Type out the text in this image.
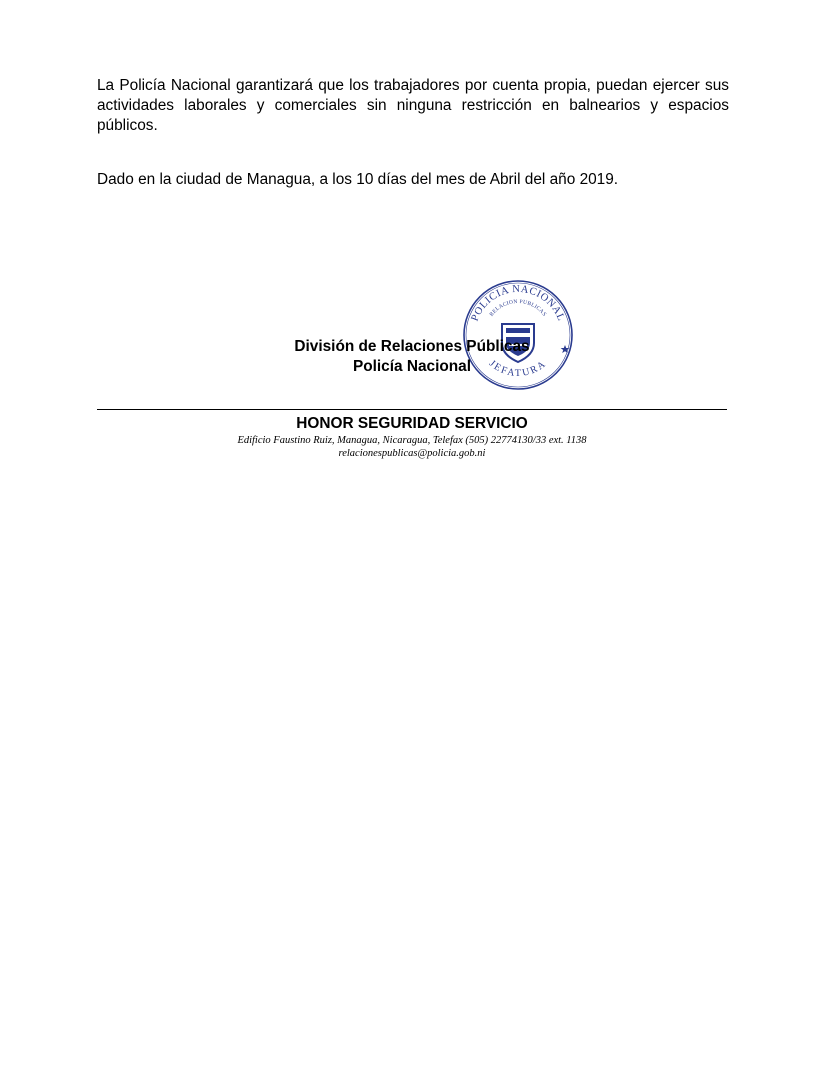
La Policía Nacional garantizará que los trabajadores por cuenta propia, puedan ejercer sus actividades laborales y comerciales sin ninguna restricción en balnearios y espacios públicos.

Dado en la ciudad de Managua, a los 10 días del mes de Abril del año 2019.

POLICIA NACIONAL
RELACION PUBLICAS
JEFATURA
División de Relaciones Públicas
Policía Nacional
HONOR SEGURIDAD SERVICIO
Edificio Faustino Ruiz, Managua, Nicaragua, Telefax (505) 22774130/33 ext. 1138
relacionespublicas@policia.gob.ni
